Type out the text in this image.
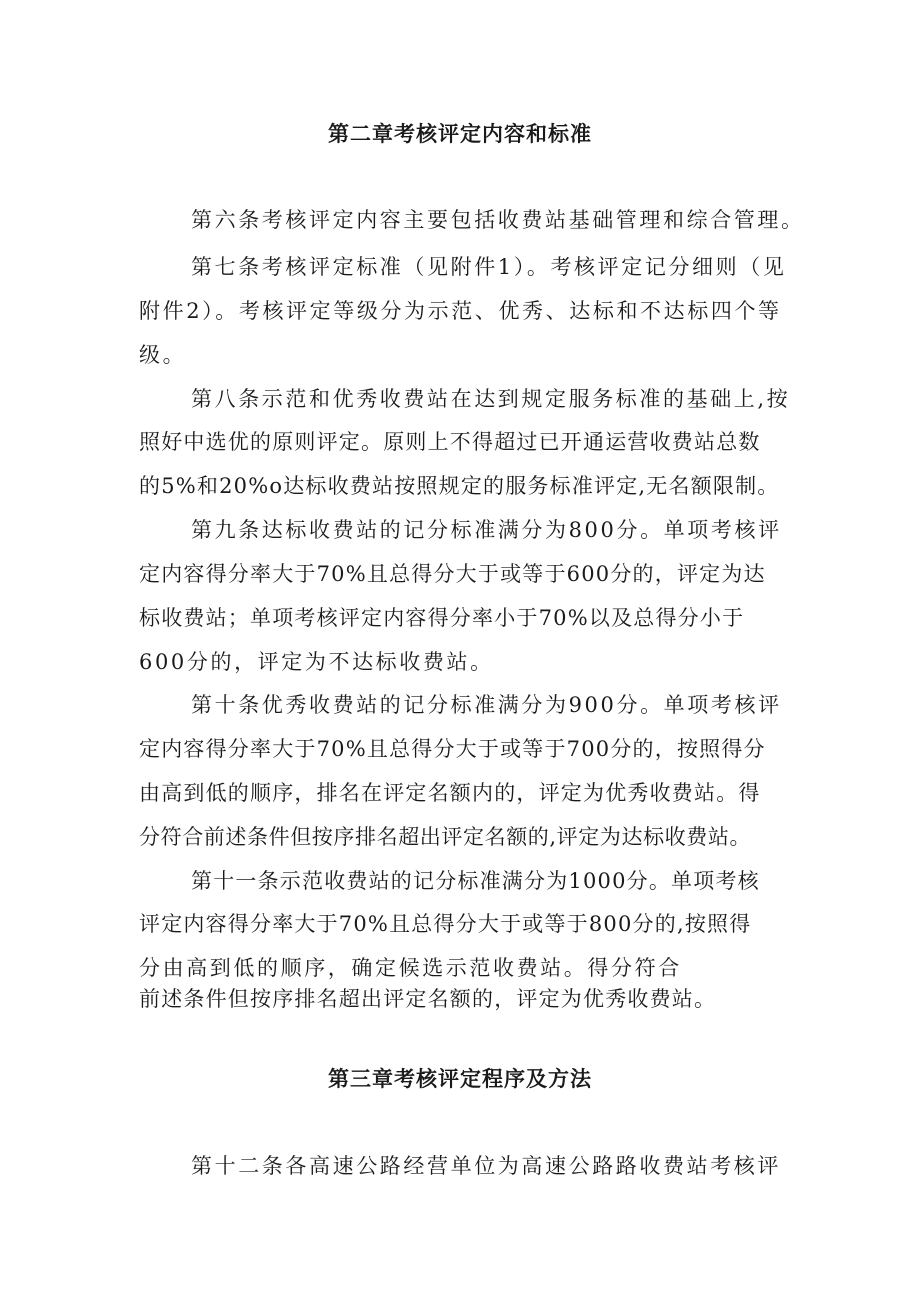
第二章考核评定内容和标准
第六条考核评定内容主要包括收费站基础管理和综合管理。
第七条考核评定标准（见附件1）。考核评定记分细则（见
附件2）。考核评定等级分为示范、优秀、达标和不达标四个等
级。
第八条示范和优秀收费站在达到规定服务标准的基础上,按
照好中选优的原则评定。原则上不得超过已开通运营收费站总数
的5%和20%o达标收费站按照规定的服务标准评定,无名额限制。
第九条达标收费站的记分标准满分为800分。单项考核评
定内容得分率大于70%且总得分大于或等于600分的，评定为达
标收费站；单项考核评定内容得分率小于70%以及总得分小于
600分的，评定为不达标收费站。
第十条优秀收费站的记分标准满分为900分。单项考核评
定内容得分率大于70%且总得分大于或等于700分的，按照得分
由高到低的顺序，排名在评定名额内的，评定为优秀收费站。得
分符合前述条件但按序排名超出评定名额的,评定为达标收费站。
第十一条示范收费站的记分标准满分为1000分。单项考核
评定内容得分率大于70%且总得分大于或等于800分的,按照得
分由高到低的顺序，确定候选示范收费站。得分符合
前述条件但按序排名超出评定名额的，评定为优秀收费站。
第三章考核评定程序及方法
第十二条各高速公路经营单位为高速公路路收费站考核评
